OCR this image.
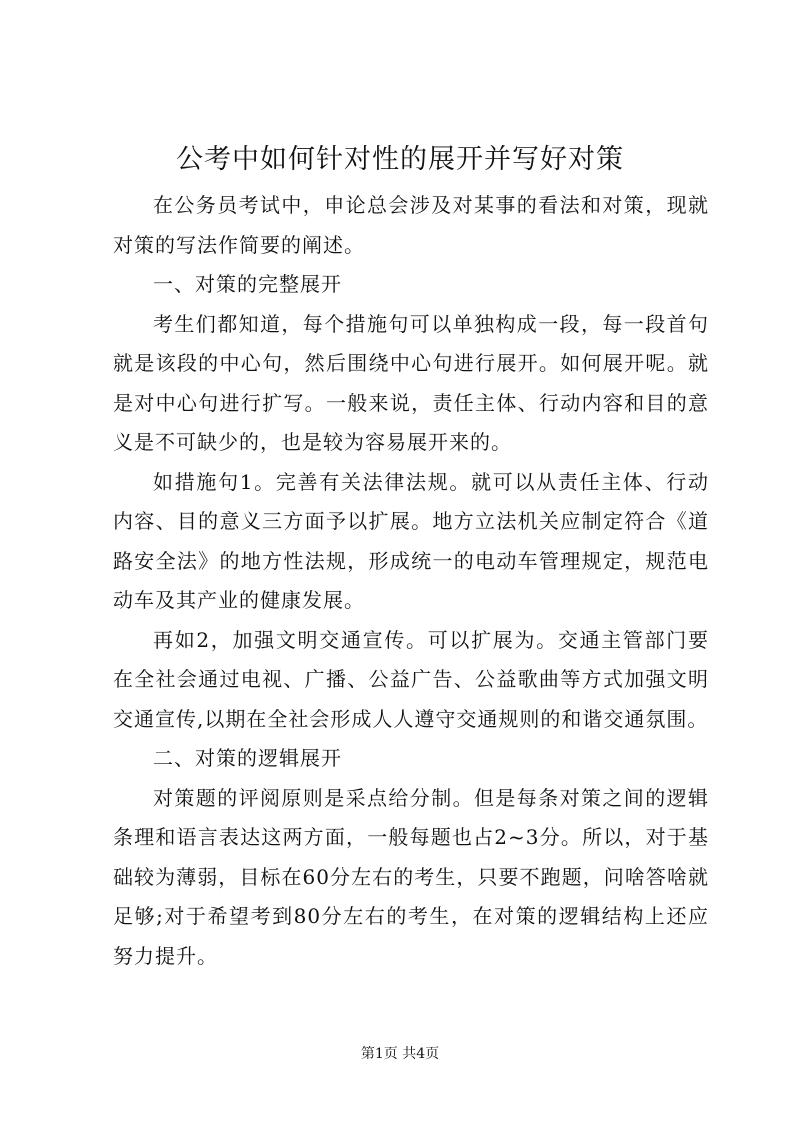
公考中如何针对性的展开并写好对策

在公务员考试中，申论总会涉及对某事的看法和对策，现就对策的写法作简要的阐述。

一、对策的完整展开

考生们都知道，每个措施句可以单独构成一段，每一段首句就是该段的中心句，然后围绕中心句进行展开。如何展开呢。就是对中心句进行扩写。一般来说，责任主体、行动内容和目的意义是不可缺少的，也是较为容易展开来的。

如措施句1。完善有关法律法规。就可以从责任主体、行动内容、目的意义三方面予以扩展。地方立法机关应制定符合《道路安全法》的地方性法规，形成统一的电动车管理规定，规范电动车及其产业的健康发展。

再如2，加强文明交通宣传。可以扩展为。交通主管部门要在全社会通过电视、广播、公益广告、公益歌曲等方式加强文明交通宣传,以期在全社会形成人人遵守交通规则的和谐交通氛围。

二、对策的逻辑展开

对策题的评阅原则是采点给分制。但是每条对策之间的逻辑条理和语言表达这两方面，一般每题也占2~3分。所以，对于基础较为薄弱，目标在60分左右的考生，只要不跑题，问啥答啥就足够;对于希望考到80分左右的考生，在对策的逻辑结构上还应努力提升。

第1页 共4页
